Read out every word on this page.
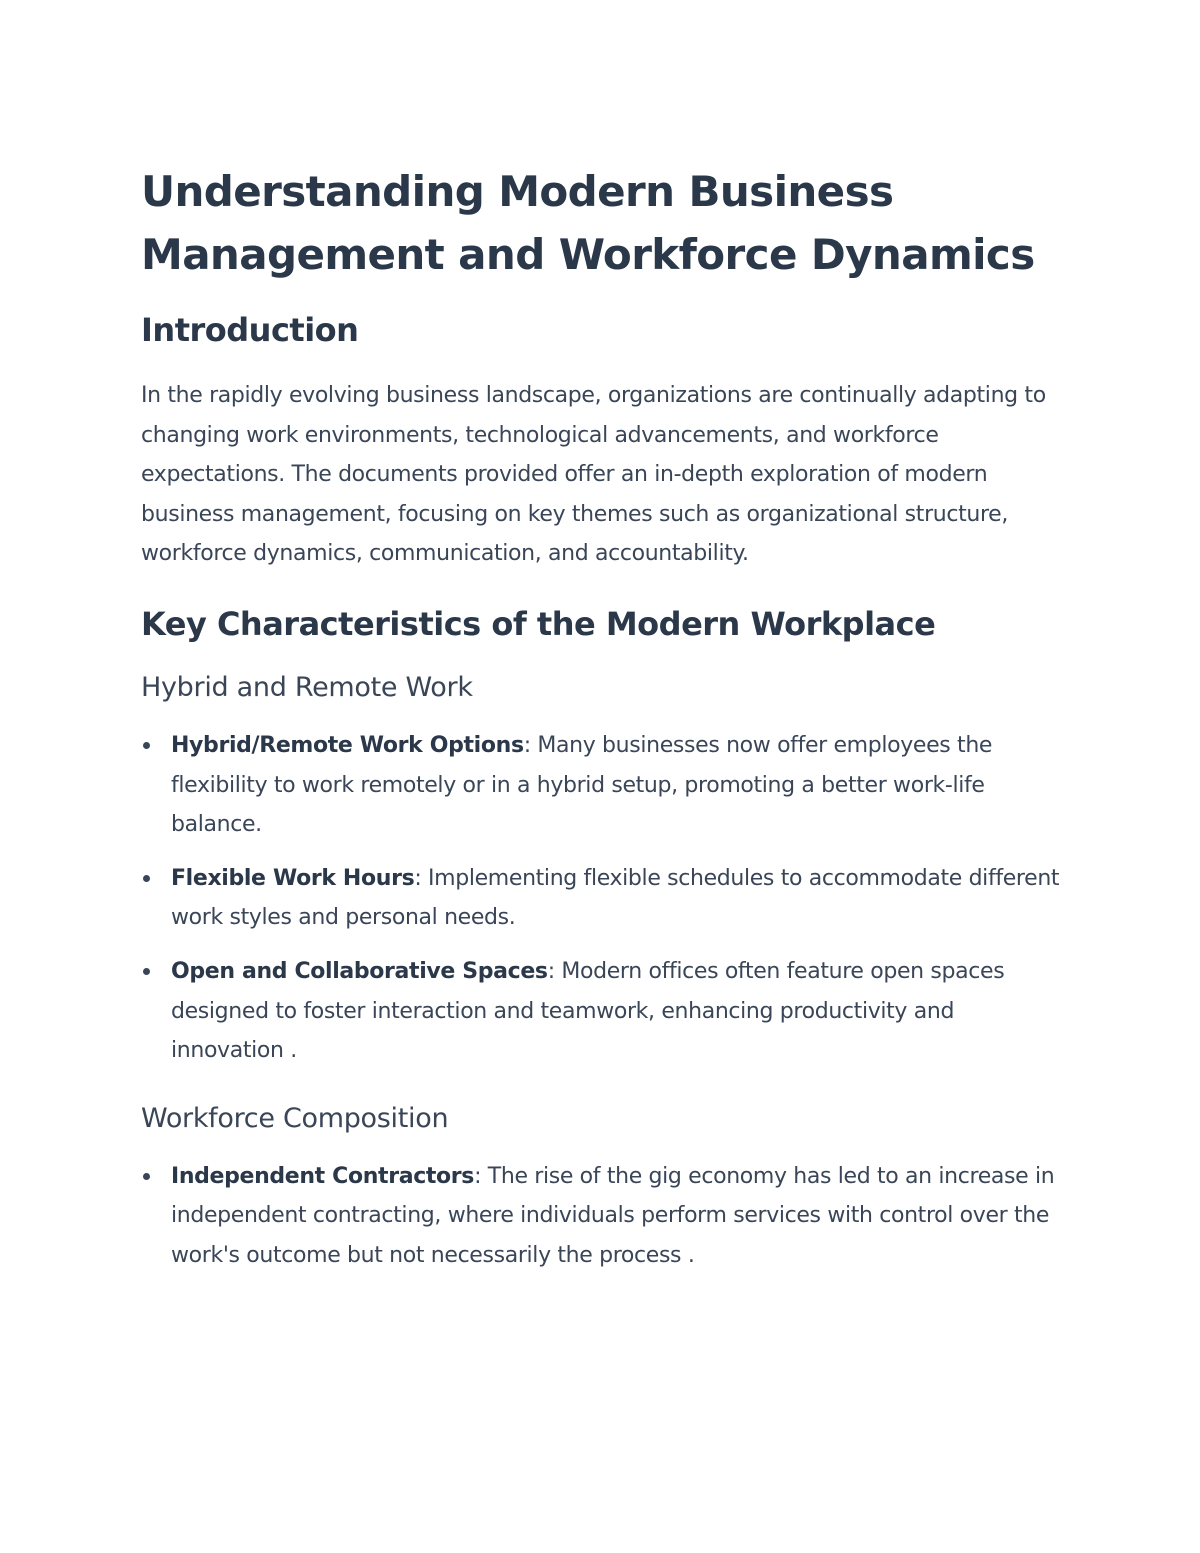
Understanding Modern Business Management and Workforce Dynamics
Introduction

In the rapidly evolving business landscape, organizations are continually adapting to changing work environments, technological advancements, and workforce expectations. The documents provided offer an in-depth exploration of modern business management, focusing on key themes such as organizational structure, workforce dynamics, communication, and accountability.

Key Characteristics of the Modern Workplace
Hybrid and Remote Work
Hybrid/Remote Work Options: Many businesses now offer employees the flexibility to work remotely or in a hybrid setup, promoting a better work-life balance.
Flexible Work Hours: Implementing flexible schedules to accommodate different work styles and personal needs.
Open and Collaborative Spaces: Modern offices often feature open spaces designed to foster interaction and teamwork, enhancing productivity and innovation .
Workforce Composition
Independent Contractors: The rise of the gig economy has led to an increase in independent contracting, where individuals perform services with control over the work's outcome but not necessarily the process .
